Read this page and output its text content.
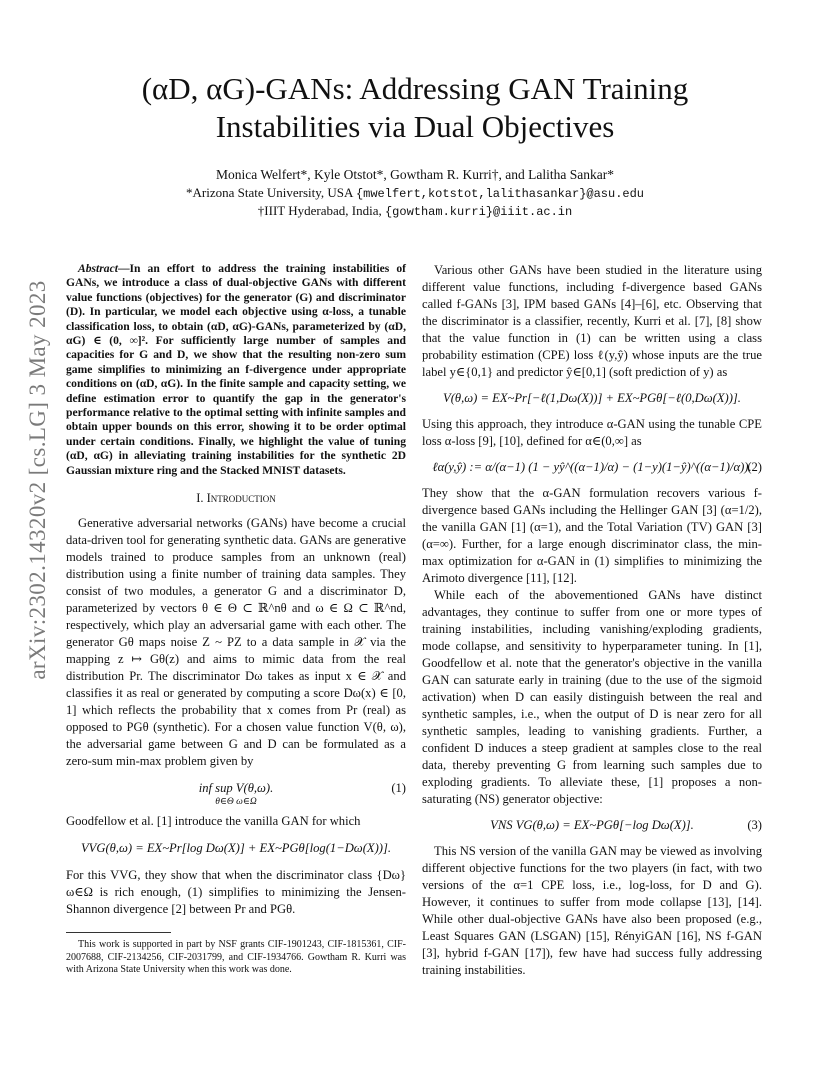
arXiv:2302.14320v2 [cs.LG] 3 May 2023
(αD, αG)-GANs: Addressing GAN Training
Instabilities via Dual Objectives
Monica Welfert*, Kyle Otstot*, Gowtham R. Kurri†, and Lalitha Sankar*
*Arizona State University, USA {mwelfert,kotstot,lalithasankar}@asu.edu
†IIIT Hyderabad, India, {gowtham.kurri}@iiit.ac.in

Abstract—In an effort to address the training instabilities of GANs, we introduce a class of dual-objective GANs with different value functions (objectives) for the generator (G) and discriminator (D). In particular, we model each objective using α-loss, a tunable classification loss, to obtain (αD, αG)-GANs, parameterized by (αD, αG) ∈ (0, ∞]². For sufficiently large number of samples and capacities for G and D, we show that the resulting non-zero sum game simplifies to minimizing an f-divergence under appropriate conditions on (αD, αG). In the finite sample and capacity setting, we define estimation error to quantify the gap in the generator's performance relative to the optimal setting with infinite samples and obtain upper bounds on this error, showing it to be order optimal under certain conditions. Finally, we highlight the value of tuning (αD, αG) in alleviating training instabilities for the synthetic 2D Gaussian mixture ring and the Stacked MNIST datasets.

I. Introduction

Generative adversarial networks (GANs) have become a crucial data-driven tool for generating synthetic data. GANs are generative models trained to produce samples from an unknown (real) distribution using a finite number of training data samples. They consist of two modules, a generator G and a discriminator D, parameterized by vectors θ ∈ Θ ⊂ ℝ^nθ and ω ∈ Ω ⊂ ℝ^nd, respectively, which play an adversarial game with each other. The generator Gθ maps noise Z ~ PZ to a data sample in 𝒳 via the mapping z ↦ Gθ(z) and aims to mimic data from the real distribution Pr. The discriminator Dω takes as input x ∈ 𝒳 and classifies it as real or generated by computing a score Dω(x) ∈ [0, 1] which reflects the probability that x comes from Pr (real) as opposed to PGθ (synthetic). For a chosen value function V(θ, ω), the adversarial game between G and D can be formulated as a zero-sum min-max problem given by

inf sup V(θ,ω).
θ∈Θ ω∈Ω
(1)

Goodfellow et al. [1] introduce the vanilla GAN for which

VVG(θ,ω) = EX~Pr[log Dω(X)] + EX~PGθ[log(1−Dω(X))].

For this VVG, they show that when the discriminator class {Dω}ω∈Ω is rich enough, (1) simplifies to minimizing the Jensen-Shannon divergence [2] between Pr and PGθ.

This work is supported in part by NSF grants CIF-1901243, CIF-1815361, CIF-2007688, CIF-2134256, CIF-2031799, and CIF-1934766. Gowtham R. Kurri was with Arizona State University when this work was done.

Various other GANs have been studied in the literature using different value functions, including f-divergence based GANs called f-GANs [3], IPM based GANs [4]–[6], etc. Observing that the discriminator is a classifier, recently, Kurri et al. [7], [8] show that the value function in (1) can be written using a class probability estimation (CPE) loss ℓ(y,ŷ) whose inputs are the true label y∈{0,1} and predictor ŷ∈[0,1] (soft prediction of y) as

V(θ,ω) = EX~Pr[−ℓ(1,Dω(X))] + EX~PGθ[−ℓ(0,Dω(X))].

Using this approach, they introduce α-GAN using the tunable CPE loss α-loss [9], [10], defined for α∈(0,∞] as

ℓα(y,ŷ) := α/(α−1) (1 − yŷ^((α−1)/α) − (1−y)(1−ŷ)^((α−1)/α)).
(2)

They show that the α-GAN formulation recovers various f-divergence based GANs including the Hellinger GAN [3] (α=1/2), the vanilla GAN [1] (α=1), and the Total Variation (TV) GAN [3] (α=∞). Further, for a large enough discriminator class, the min-max optimization for α-GAN in (1) simplifies to minimizing the Arimoto divergence [11], [12].

While each of the abovementioned GANs have distinct advantages, they continue to suffer from one or more types of training instabilities, including vanishing/exploding gradients, mode collapse, and sensitivity to hyperparameter tuning. In [1], Goodfellow et al. note that the generator's objective in the vanilla GAN can saturate early in training (due to the use of the sigmoid activation) when D can easily distinguish between the real and synthetic samples, i.e., when the output of D is near zero for all synthetic samples, leading to vanishing gradients. Further, a confident D induces a steep gradient at samples close to the real data, thereby preventing G from learning such samples due to exploding gradients. To alleviate these, [1] proposes a non-saturating (NS) generator objective:

VNS VG(θ,ω) = EX~PGθ[−log Dω(X)].	(3)

This NS version of the vanilla GAN may be viewed as involving different objective functions for the two players (in fact, with two versions of the α=1 CPE loss, i.e., log-loss, for D and G). However, it continues to suffer from mode collapse [13], [14]. While other dual-objective GANs have also been proposed (e.g., Least Squares GAN (LSGAN) [15], RényiGAN [16], NS f-GAN [3], hybrid f-GAN [17]), few have had success fully addressing training instabilities.
